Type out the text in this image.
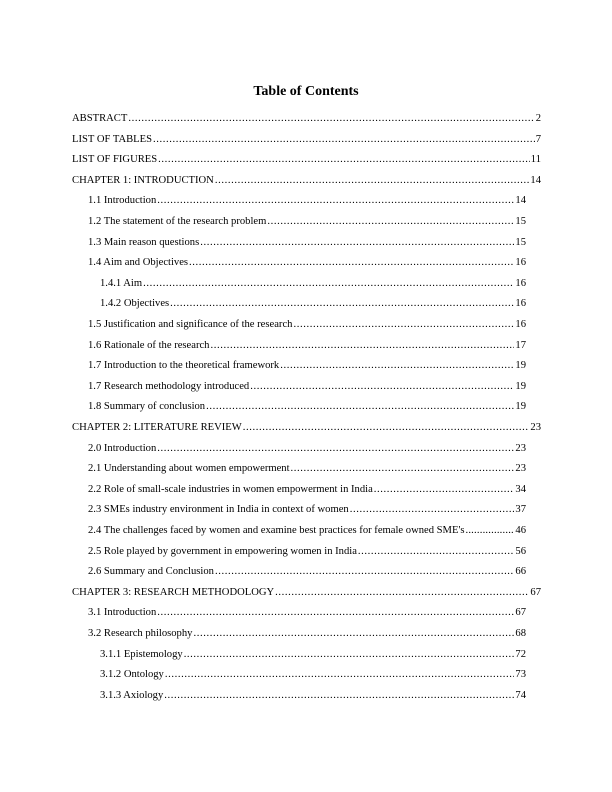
Table of Contents
ABSTRACT .....	2
LIST OF TABLES .....	7
LIST OF FIGURES .....	11
CHAPTER 1: INTRODUCTION .....	14
1.1 Introduction .....	14
1.2 The statement of the research problem .....	15
1.3 Main reason questions .....	15
1.4 Aim and Objectives .....	16
1.4.1 Aim .....	16
1.4.2 Objectives .....	16
1.5 Justification and significance of the research .....	16
1.6 Rationale of the research .....	17
1.7 Introduction to the theoretical framework .....	19
1.7 Research methodology introduced .....	19
1.8 Summary of conclusion .....	19
CHAPTER 2: LITERATURE REVIEW .....	23
2.0 Introduction .....	23
2.1 Understanding about women empowerment .....	23
2.2 Role of small-scale industries in women empowerment in India .....	34
2.3 SMEs industry environment in India in context of women .....	37
2.4 The challenges faced by women and examine best practices for female owned SME's .....	46
2.5 Role played by government in empowering women in India .....	56
2.6 Summary and Conclusion .....	66
CHAPTER 3: RESEARCH METHODOLOGY .....	67
3.1 Introduction .....	67
3.2 Research philosophy .....	68
3.1.1 Epistemology .....	72
3.1.2 Ontology .....	73
3.1.3 Axiology .....	74
